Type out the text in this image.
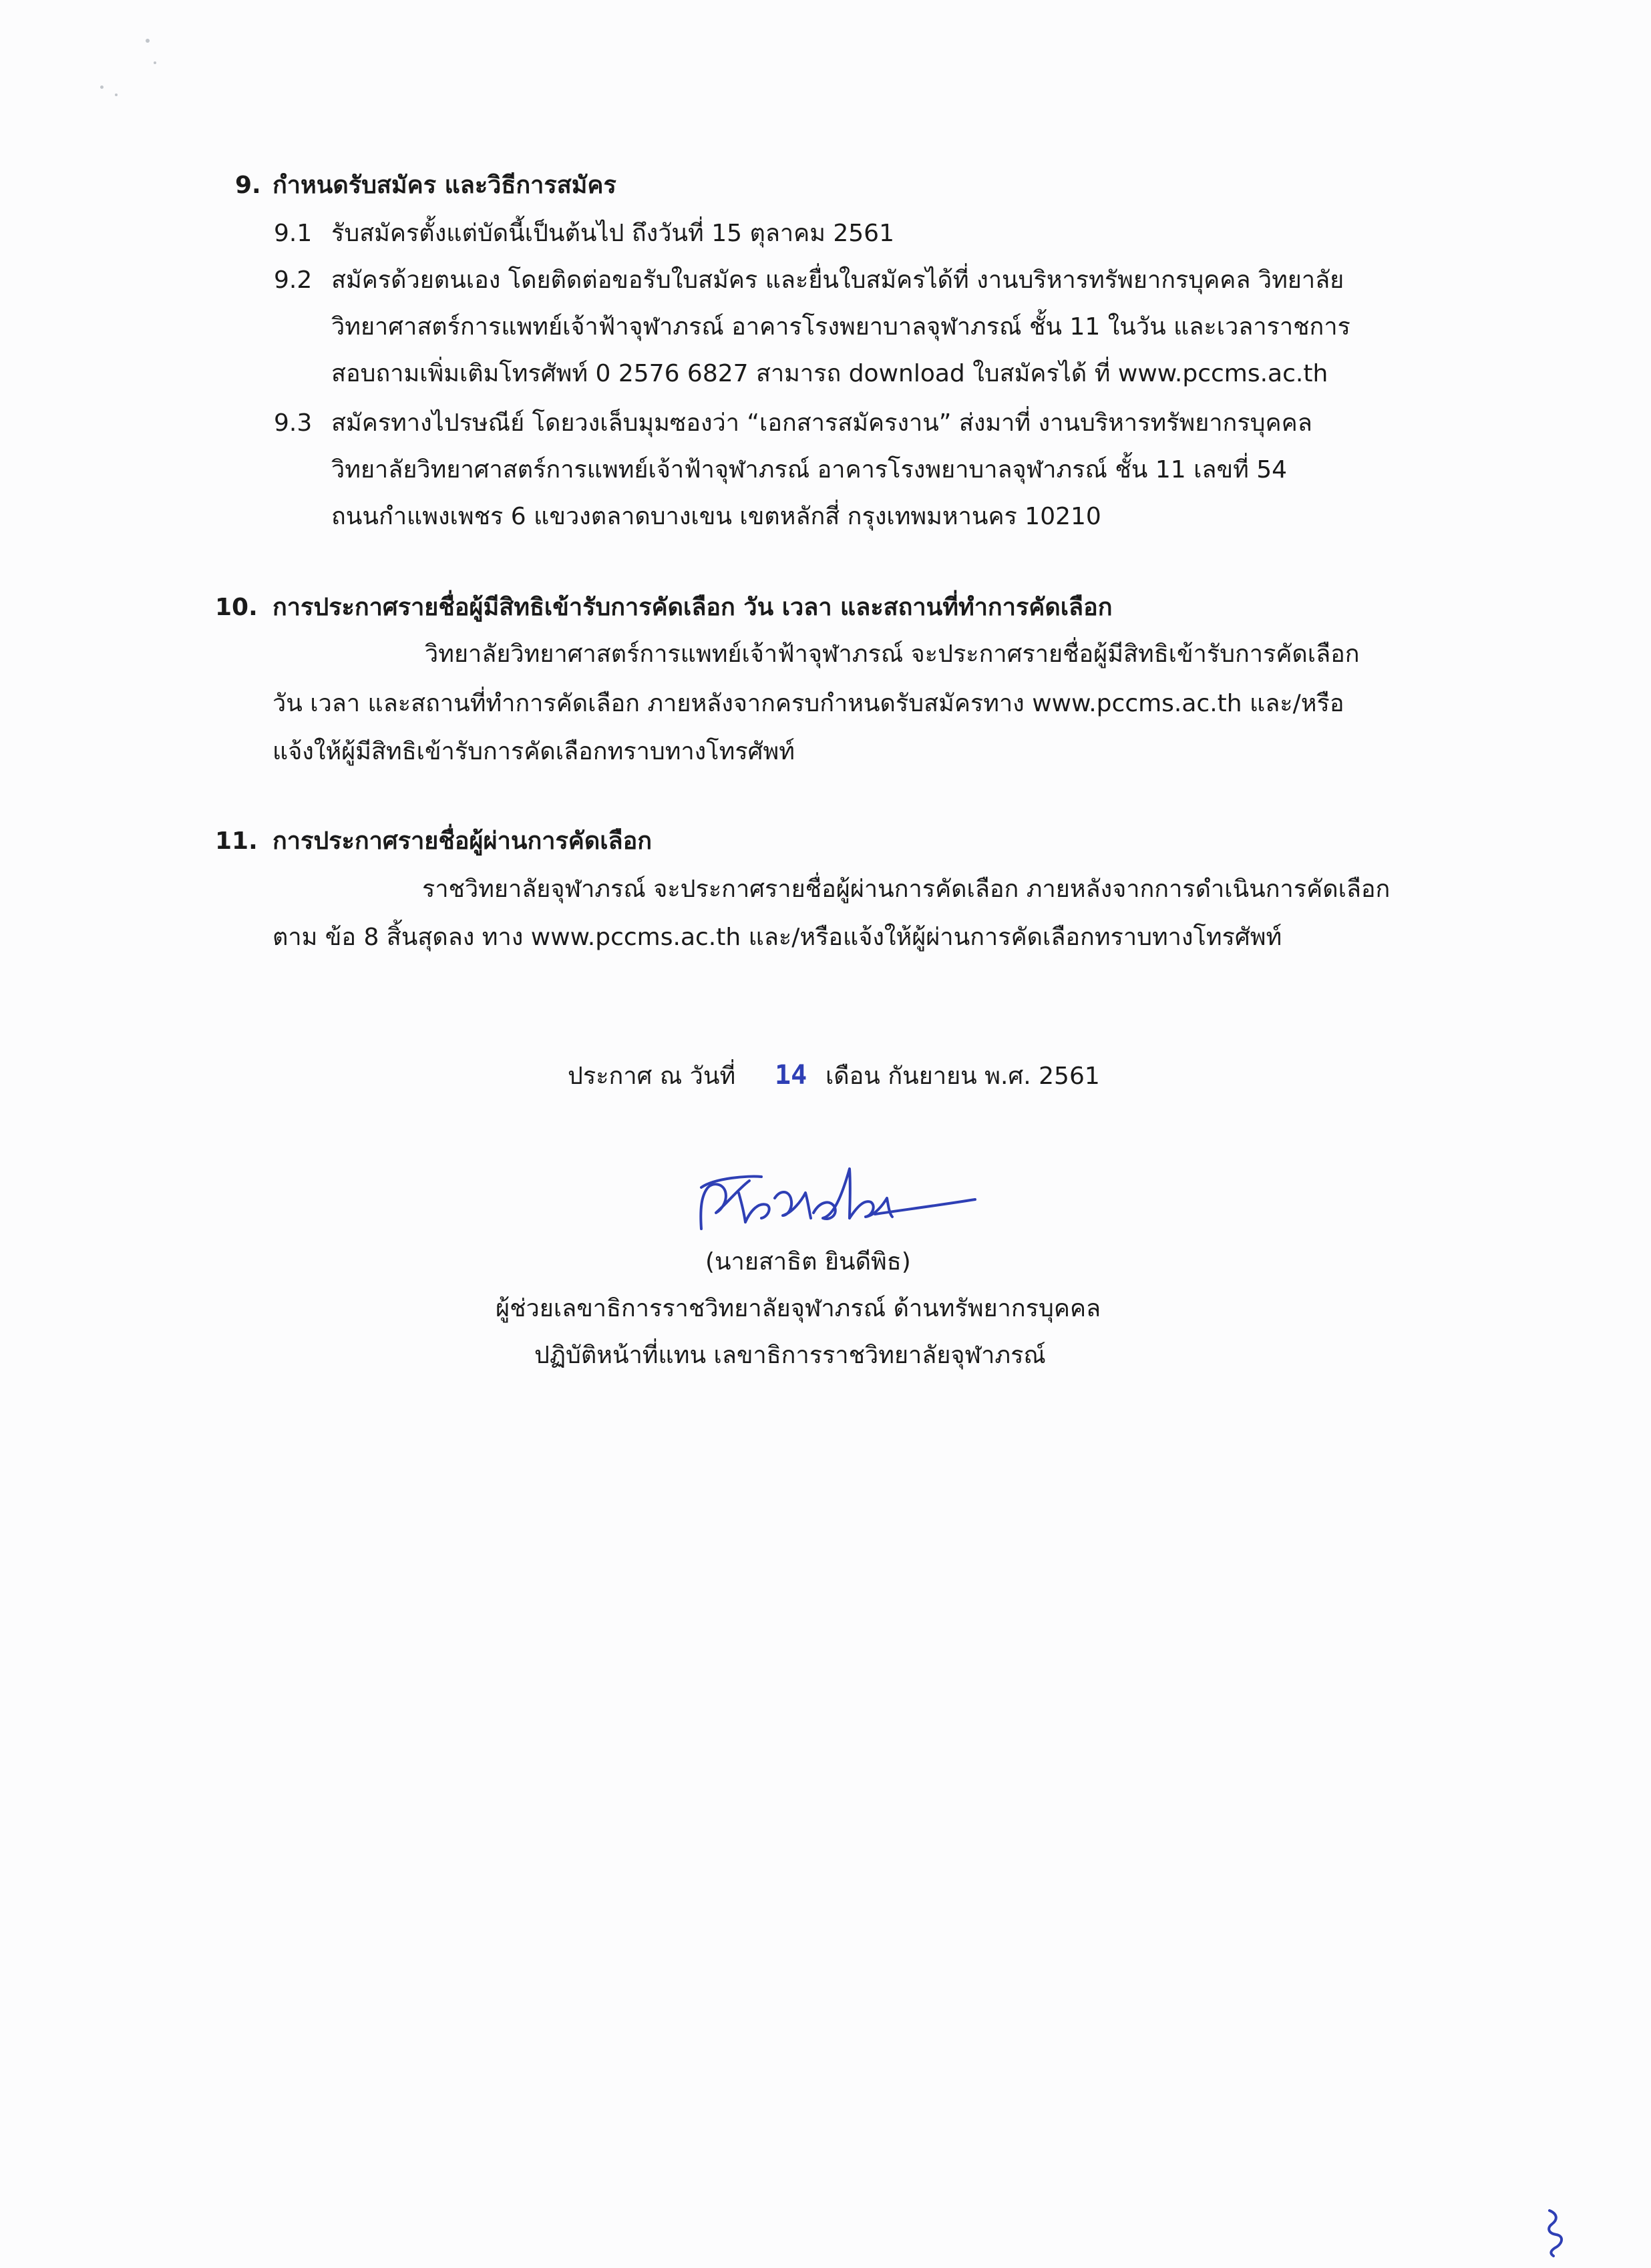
9. กำหนดรับสมัคร และวิธีการสมัคร
9.1 รับสมัครตั้งแต่บัดนี้เป็นต้นไป ถึงวันที่ 15 ตุลาคม 2561
9.2 สมัครด้วยตนเอง โดยติดต่อขอรับใบสมัคร และยื่นใบสมัครได้ที่ งานบริหารทรัพยากรบุคคล วิทยาลัย
วิทยาศาสตร์การแพทย์เจ้าฟ้าจุฬาภรณ์ อาคารโรงพยาบาลจุฬาภรณ์ ชั้น 11 ในวัน และเวลาราชการ
สอบถามเพิ่มเติมโทรศัพท์ 0 2576 6827 สามารถ download ใบสมัครได้ ที่ www.pccms.ac.th
9.3 สมัครทางไปรษณีย์ โดยวงเล็บมุมซองว่า “เอกสารสมัครงาน” ส่งมาที่ งานบริหารทรัพยากรบุคคล
วิทยาลัยวิทยาศาสตร์การแพทย์เจ้าฟ้าจุฬาภรณ์ อาคารโรงพยาบาลจุฬาภรณ์ ชั้น 11 เลขที่ 54
ถนนกำแพงเพชร 6 แขวงตลาดบางเขน เขตหลักสี่ กรุงเทพมหานคร 10210
10. การประกาศรายชื่อผู้มีสิทธิเข้ารับการคัดเลือก วัน เวลา และสถานที่ทำการคัดเลือก
วิทยาลัยวิทยาศาสตร์การแพทย์เจ้าฟ้าจุฬาภรณ์ จะประกาศรายชื่อผู้มีสิทธิเข้ารับการคัดเลือก
วัน เวลา และสถานที่ทำการคัดเลือก ภายหลังจากครบกำหนดรับสมัครทาง www.pccms.ac.th และ/หรือ
แจ้งให้ผู้มีสิทธิเข้ารับการคัดเลือกทราบทางโทรศัพท์
11. การประกาศรายชื่อผู้ผ่านการคัดเลือก
ราชวิทยาลัยจุฬาภรณ์ จะประกาศรายชื่อผู้ผ่านการคัดเลือก ภายหลังจากการดำเนินการคัดเลือก
ตาม ข้อ 8 สิ้นสุดลง ทาง www.pccms.ac.th และ/หรือแจ้งให้ผู้ผ่านการคัดเลือกทราบทางโทรศัพท์
ประกาศ ณ วันที่ 14 เดือน กันยายน พ.ศ. 2561
(นายสาธิต ยินดีพิธ)
ผู้ช่วยเลขาธิการราชวิทยาลัยจุฬาภรณ์ ด้านทรัพยากรบุคคล
ปฏิบัติหน้าที่แทน เลขาธิการราชวิทยาลัยจุฬาภรณ์
